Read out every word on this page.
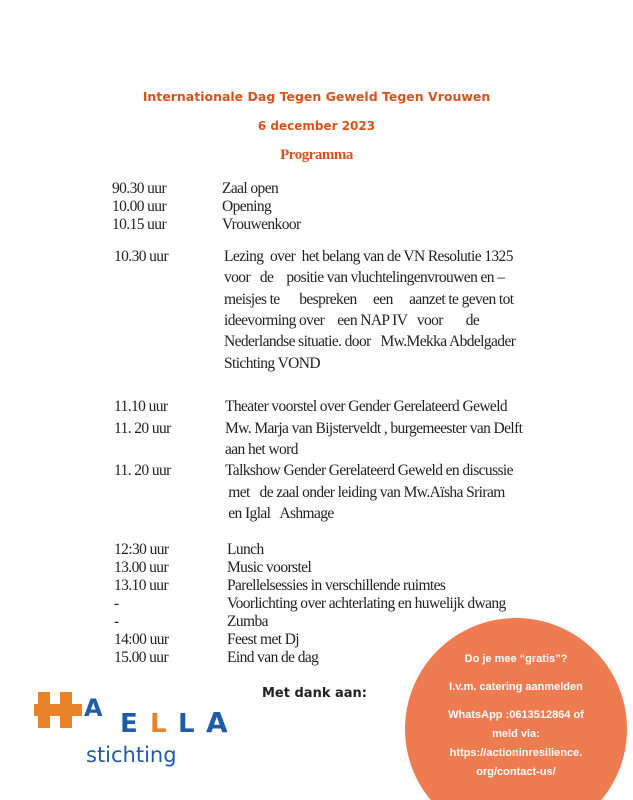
Internationale Dag Tegen Geweld Tegen Vrouwen
6 december 2023
Programma
90.30 uur	Zaal open
10.00 uur	Opening
10.15 uur	Vrouwenkoor
10.30 uur	Lezing  over  het belang van de VN Resolutie 1325
voor   de    positie van vluchtelingenvrouwen en –
meisjes te      bespreken     een     aanzet te geven tot
ideevorming over    een NAP IV   voor       de
Nederlandse situatie. door   Mw.Mekka Abdelgader
Stichting VOND
11.10 uur	Theater voorstel over Gender Gerelateerd Geweld
11. 20 uur	Mw. Marja van Bijsterveldt , burgemeester van Delft
aan het word
11. 20 uur	Talkshow Gender Gerelateerd Geweld en discussie
met   de zaal onder leiding van Mw.Aïsha Sriram
en Iglal   Ashmage
12:30 uur	Lunch
13.00 uur	Music voorstel
13.10 uur	Parellelsessies in verschillende ruimtes
-	Voorlichting over achterlating en huwelijk dwang
-	Zumba
14:00 uur	Feest met Dj
15.00 uur	Eind van de dag
Met dank aan:
A
E L L A
stichting
Do je mee “gratis”?
I.v.m. catering aanmelden
WhatsApp :0613512864 of
meld via:
https://actioninresilience.
org/contact-us/
